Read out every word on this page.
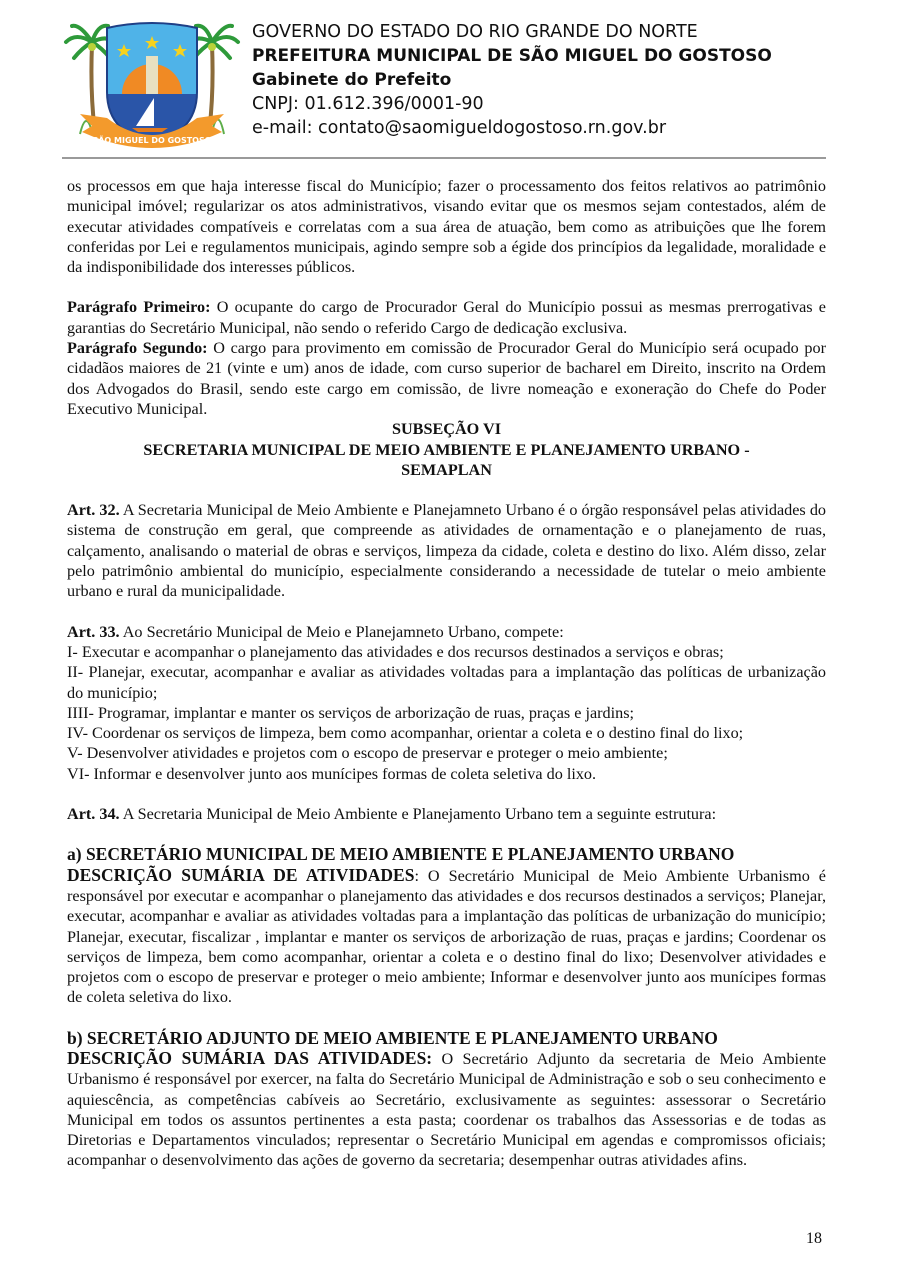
SÃO MIGUEL DO GOSTOSO
GOVERNO DO ESTADO DO RIO GRANDE DO NORTE
PREFEITURA MUNICIPAL DE SÃO MIGUEL DO GOSTOSO
Gabinete do Prefeito
CNPJ: 01.612.396/0001-90
e-mail: contato@saomigueldogostoso.rn.gov.br

os processos em que haja interesse fiscal do Município; fazer o processamento dos feitos relativos ao patrimônio municipal imóvel; regularizar os atos administrativos, visando evitar que os mesmos sejam contestados, além de executar atividades compatíveis e correlatas com a sua área de atuação, bem como as atribuições que lhe forem conferidas por Lei e regulamentos municipais, agindo sempre sob a égide dos princípios da legalidade, moralidade e da indisponibilidade dos interesses públicos.

Parágrafo Primeiro: O ocupante do cargo de Procurador Geral do Município possui as mesmas prerrogativas e garantias do Secretário Municipal, não sendo o referido Cargo de dedicação exclusiva.

Parágrafo Segundo: O cargo para provimento em comissão de Procurador Geral do Município será ocupado por cidadãos maiores de 21 (vinte e um) anos de idade, com curso superior de bacharel em Direito, inscrito na Ordem dos Advogados do Brasil, sendo este cargo em comissão, de livre nomeação e exoneração do Chefe do Poder Executivo Municipal.

SUBSEÇÃO VI
SECRETARIA MUNICIPAL DE MEIO AMBIENTE E PLANEJAMENTO URBANO -
SEMAPLAN

Art. 32. A Secretaria Municipal de Meio Ambiente e Planejamneto Urbano é o órgão responsável pelas atividades do sistema de construção em geral, que compreende as atividades de ornamentação e o planejamento de ruas, calçamento, analisando o material de obras e serviços, limpeza da cidade, coleta e destino do lixo. Além disso, zelar pelo patrimônio ambiental do município, especialmente considerando a necessidade de tutelar o meio ambiente urbano e rural da municipalidade.

Art. 33. Ao Secretário Municipal de Meio e Planejamneto Urbano, compete:

I- Executar e acompanhar o planejamento das atividades e dos recursos destinados a serviços e obras;

II- Planejar, executar, acompanhar e avaliar as atividades voltadas para a implantação das políticas de urbanização do município;

IIII- Programar, implantar e manter os serviços de arborização de ruas, praças e jardins;

IV- Coordenar os serviços de limpeza, bem como acompanhar, orientar a coleta e o destino final do lixo;

V- Desenvolver atividades e projetos com o escopo de preservar e proteger o meio ambiente;

VI- Informar e desenvolver junto aos munícipes formas de coleta seletiva do lixo.

Art. 34. A Secretaria Municipal de Meio Ambiente e Planejamento Urbano tem a seguinte estrutura:

a) SECRETÁRIO MUNICIPAL DE MEIO AMBIENTE E PLANEJAMENTO URBANO

DESCRIÇÃO SUMÁRIA DE ATIVIDADES: O Secretário Municipal de Meio Ambiente Urbanismo é responsável por executar e acompanhar o planejamento das atividades e dos recursos destinados a serviços; Planejar, executar, acompanhar e avaliar as atividades voltadas para a implantação das políticas de urbanização do município; Planejar, executar, fiscalizar , implantar e manter os serviços de arborização de ruas, praças e jardins; Coordenar os serviços de limpeza, bem como acompanhar, orientar a coleta e o destino final do lixo; Desenvolver atividades e projetos com o escopo de preservar e proteger o meio ambiente; Informar e desenvolver junto aos munícipes formas de coleta seletiva do lixo.

b) SECRETÁRIO ADJUNTO DE MEIO AMBIENTE E PLANEJAMENTO URBANO

DESCRIÇÃO SUMÁRIA DAS ATIVIDADES: O Secretário Adjunto da secretaria de Meio Ambiente Urbanismo é responsável por exercer, na falta do Secretário Municipal de Administração e sob o seu conhecimento e aquiescência, as competências cabíveis ao Secretário, exclusivamente as seguintes: assessorar o Secretário Municipal em todos os assuntos pertinentes a esta pasta; coordenar os trabalhos das Assessorias e de todas as Diretorias e Departamentos vinculados; representar o Secretário Municipal em agendas e compromissos oficiais; acompanhar o desenvolvimento das ações de governo da secretaria; desempenhar outras atividades afins.

18
